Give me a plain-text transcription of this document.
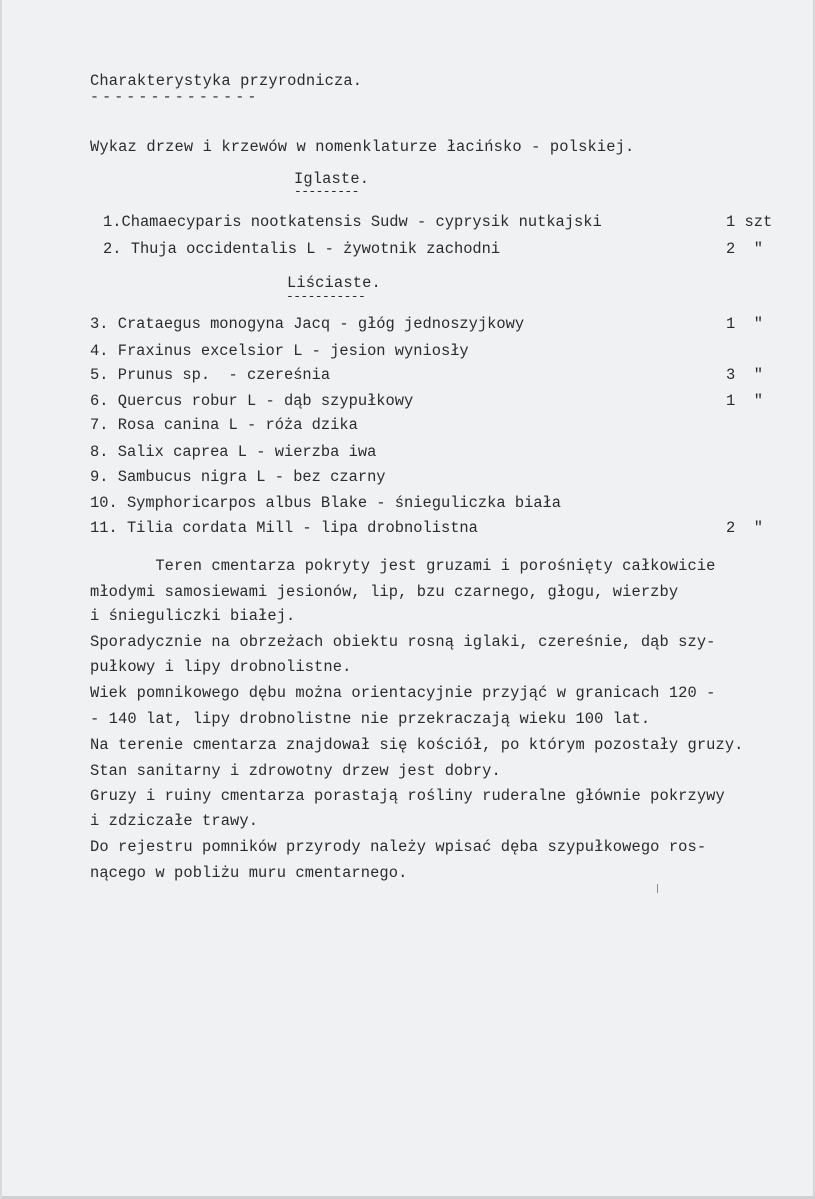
Charakterystyka przyrodnicza.
--------------
Wykaz drzew i krzewów w nomenklaturze łacińsko - polskiej.
Iglaste.
---------
1.Chamaecyparis nootkatensis Sudw - cyprysik nutkajski	1 szt
2. Thuja occidentalis L - żywotnik zachodni	2  "
Liściaste.
-----------
3. Crataegus monogyna Jacq - głóg jednoszyjkowy	1  "
4. Fraxinus excelsior L - jesion wyniosły
5. Prunus sp.  - czereśnia	3  "
6. Quercus robur L - dąb szypułkowy	1  "
7. Rosa canina L - róża dzika
8. Salix caprea L - wierzba iwa
9. Sambucus nigra L - bez czarny
10. Symphoricarpos albus Blake - śnieguliczka biała
11. Tilia cordata Mill - lipa drobnolistna	2  "
Teren cmentarza pokryty jest gruzami i porośnięty całkowicie
młodymi samosiewami jesionów, lip, bzu czarnego, głogu, wierzby
i śnieguliczki białej.
Sporadycznie na obrzeżach obiektu rosną iglaki, czereśnie, dąb szy-
pułkowy i lipy drobnolistne.
Wiek pomnikowego dębu można orientacyjnie przyjąć w granicach 120 -
- 140 lat, lipy drobnolistne nie przekraczają wieku 100 lat.
Na terenie cmentarza znajdował się kościół, po którym pozostały gruzy.
Stan sanitarny i zdrowotny drzew jest dobry.
Gruzy i ruiny cmentarza porastają rośliny ruderalne głównie pokrzywy
i zdziczałe trawy.
Do rejestru pomników przyrody należy wpisać dęba szypułkowego ros-
nącego w pobliżu muru cmentarnego.
